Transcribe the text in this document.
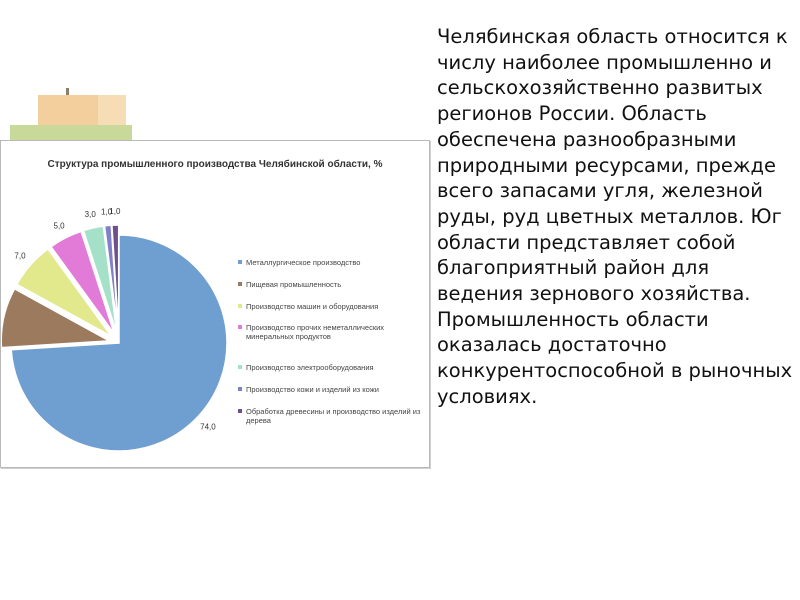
Структура промышленного производства Челябинской области, %
74,0
7,0
5,0
3,0 1,0
1,0
Металлургическое производство
Пищевая промышленность
Производство машин и оборудования
Производство прочих неметаллических минеральных продуктов
Производство электрооборудования
Производство кожи и изделий из кожи
Обработка древесины и производство изделий из дерева

Челябинская область относится к числу наиболее промышленно и сельскохозяйственно развитых регионов России. Область обеспечена разнообразными природными ресурсами, прежде всего запасами угля, железной руды, руд цветных металлов. Юг области представляет собой благоприятный район для ведения зернового хозяйства. Промышленность области оказалась достаточно конкурентоспособной в рыночных условиях.
